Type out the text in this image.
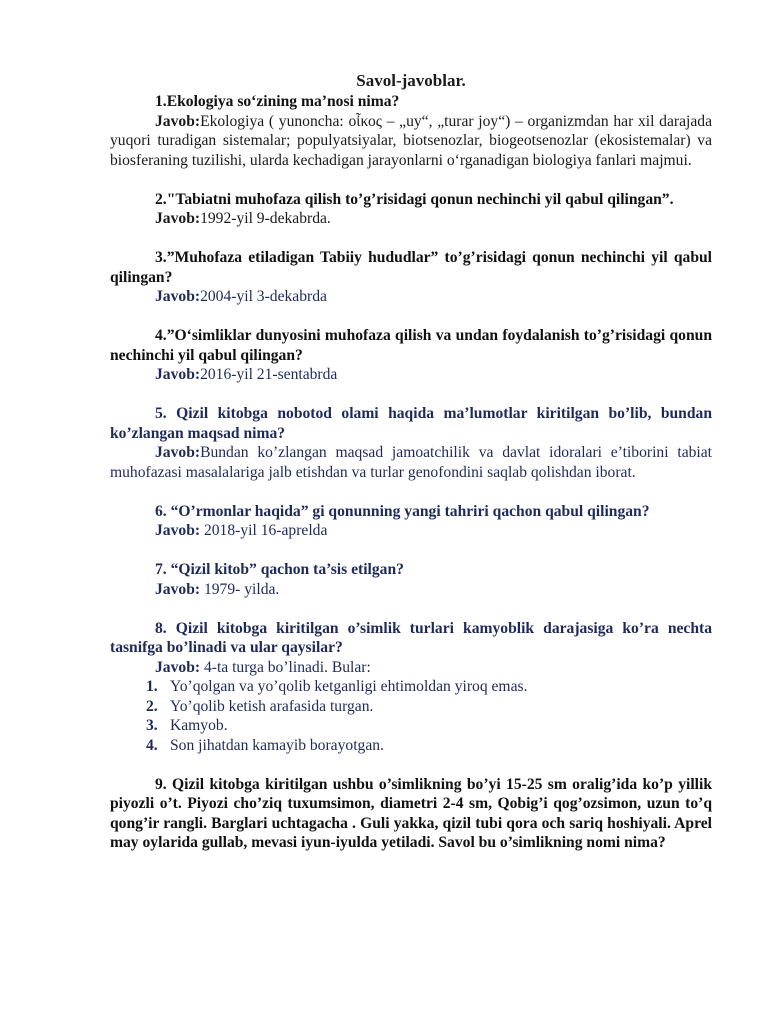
Savol-javoblar.

1.Ekologiya so‘zining ma’nosi nima?

Javob:Ekologiya ( yunoncha: οἶκος – „uy“, „turar joy“) – organizmdan har xil darajada yuqori turadigan sistemalar; populyatsiyalar, biotsenozlar, biogeotsenozlar (ekosistemalar) va biosferaning tuzilishi, ularda kechadigan jarayonlarni o‘rganadigan biologiya fanlari majmui.

2."Tabiatni muhofaza qilish to’g’risidagi qonun nechinchi yil qabul qilingan”.

Javob:1992-yil 9-dekabrda.

3.”Muhofaza etiladigan Tabiiy hududlar” to’g’risidagi qonun nechinchi yil qabul qilingan?

Javob:2004-yil 3-dekabrda

4.”O‘simliklar dunyosini muhofaza qilish va undan foydalanish to’g’risidagi qonun nechinchi yil qabul qilingan?

Javob:2016-yil 21-sentabrda

5. Qizil kitobga nobotod olami haqida ma’lumotlar kiritilgan bo’lib, bundan ko’zlangan maqsad nima?

Javob:Bundan ko’zlangan maqsad jamoatchilik va davlat idoralari e’tiborini tabiat muhofazasi masalalariga jalb etishdan va turlar genofondini saqlab qolishdan iborat.

6. “O’rmonlar haqida” gi qonunning yangi tahriri qachon qabul qilingan?

Javob: 2018-yil 16-aprelda

7. “Qizil kitob” qachon ta’sis etilgan?

Javob: 1979- yilda.

8. Qizil kitobga kiritilgan o’simlik turlari kamyoblik darajasiga ko’ra nechta tasnifga bo’linadi va ular qaysilar?

Javob: 4-ta turga bo’linadi. Bular:

1. Yo’qolgan va yo’qolib ketganligi ehtimoldan yiroq emas.
2. Yo’qolib ketish arafasida turgan.
3. Kamyob.
4. Son jihatdan kamayib borayotgan.

9. Qizil kitobga kiritilgan ushbu o’simlikning bo’yi 15-25 sm oralig’ida ko’p yillik piyozli o’t. Piyozi cho’ziq tuxumsimon, diametri 2-4 sm, Qobig’i qog’ozsimon, uzun to’q qong’ir rangli. Barglari uchtagacha . Guli yakka, qizil tubi qora och sariq hoshiyali. Aprel may oylarida gullab, mevasi iyun-iyulda yetiladi. Savol bu o’simlikning nomi nima?
